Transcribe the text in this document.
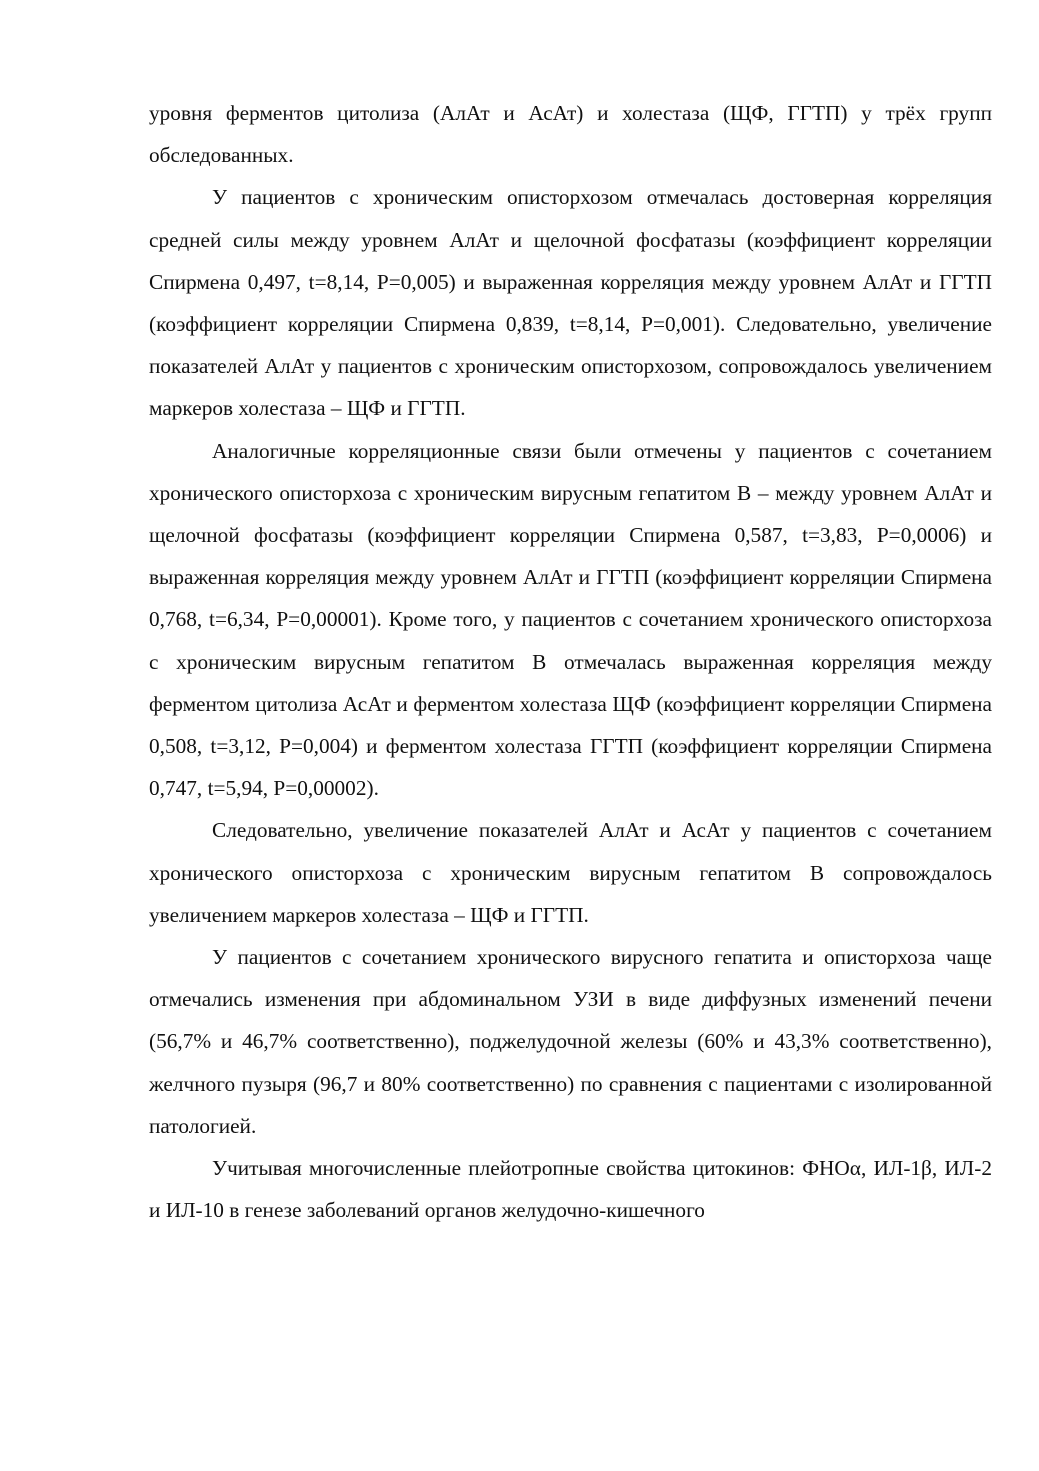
уровня ферментов цитолиза (АлАт и АсАт) и холестаза (ЩФ, ГГТП) у трёх групп обследованных.

У пациентов с хроническим описторхозом отмечалась достоверная корреляция средней силы между уровнем АлАт и щелочной фосфатазы (коэффициент корреляции Спирмена 0,497, t=8,14, P=0,005) и выраженная корреляция между уровнем АлАт и ГГТП (коэффициент корреляции Спирмена 0,839, t=8,14, P=0,001). Следовательно, увеличение показателей АлАт у пациентов с хроническим описторхозом, сопровождалось увеличением маркеров холестаза – ЩФ и ГГТП.

Аналогичные корреляционные связи были отмечены у пациентов с сочетанием хронического описторхоза с хроническим вирусным гепатитом В – между уровнем АлАт и щелочной фосфатазы (коэффициент корреляции Спирмена 0,587, t=3,83, P=0,0006) и выраженная корреляция между уровнем АлАт и ГГТП (коэффициент корреляции Спирмена 0,768, t=6,34, P=0,00001). Кроме того, у пациентов с сочетанием хронического описторхоза с хроническим вирусным гепатитом В отмечалась выраженная корреляция между ферментом цитолиза АсАт и ферментом холестаза ЩФ (коэффициент корреляции Спирмена 0,508, t=3,12, P=0,004) и ферментом холестаза ГГТП (коэффициент корреляции Спирмена 0,747, t=5,94, P=0,00002).

Следовательно, увеличение показателей АлАт и АсАт у пациентов с сочетанием хронического описторхоза с хроническим вирусным гепатитом В сопровождалось увеличением маркеров холестаза – ЩФ и ГГТП.

У пациентов с сочетанием хронического вирусного гепатита и описторхоза чаще отмечались изменения при абдоминальном УЗИ в виде диффузных изменений печени (56,7% и 46,7% соответственно), поджелудочной железы (60% и 43,3% соответственно), желчного пузыря (96,7 и 80% соответственно) по сравнения с пациентами с изолированной патологией.

Учитывая многочисленные плейотропные свойства цитокинов: ФНОα, ИЛ-1β, ИЛ-2 и ИЛ-10 в генезе заболеваний органов желудочно-кишечного
